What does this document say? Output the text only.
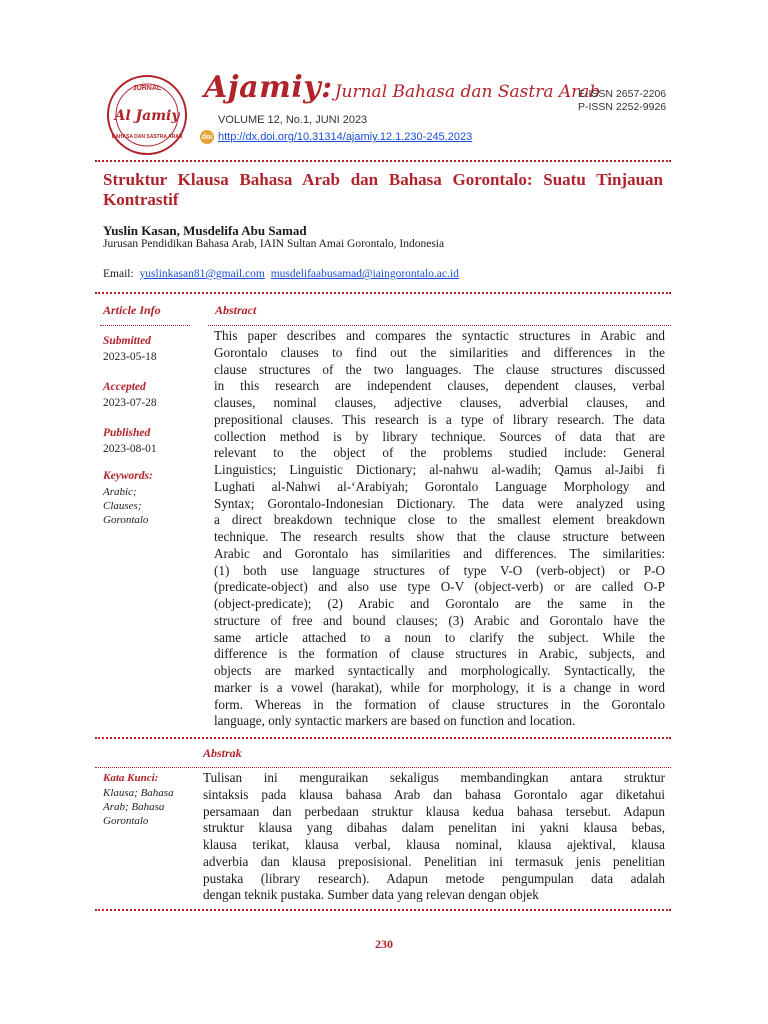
JURNAL
Al Jamiy
BAHASA DAN SASTRA ARAB
Ajamiy: Jurnal Bahasa dan Sastra Arab
E-ISSN 2657-2206
P-ISSN 2252-9926
VOLUME 12, No.1, JUNI 2023
doi http://dx.doi.org/10.31314/ajamiy.12.1.230-245.2023
Struktur Klausa Bahasa Arab dan Bahasa Gorontalo: Suatu Tinjauan Kontrastif
Yuslin Kasan, Musdelifa Abu Samad
Jurusan Pendidikan Bahasa Arab, IAIN Sultan Amai Gorontalo, Indonesia
Email: yuslinkasan81@gmail.com musdelifaabusamad@iaingorontalo.ac.id
Article Info	Abstract
Submitted
2023-05-18
Accepted
2023-07-28
Published
2023-08-01
Keywords:
Arabic;
Clauses;
Gorontalo
This paper describes and compares the syntactic structures in Arabic and
Gorontalo clauses to find out the similarities and differences in the
clause structures of the two languages. The clause structures discussed
in this research are independent clauses, dependent clauses, verbal
clauses, nominal clauses, adjective clauses, adverbial clauses, and
prepositional clauses. This research is a type of library research. The data
collection method is by library technique. Sources of data that are
relevant to the object of the problems studied include: General
Linguistics; Linguistic Dictionary; al-nahwu al-wadih; Qamus al-Jaibi fi
Lughati al-Nahwi al-ʻArabiyah; Gorontalo Language Morphology and
Syntax; Gorontalo-Indonesian Dictionary. The data were analyzed using
a direct breakdown technique close to the smallest element breakdown
technique. The research results show that the clause structure between
Arabic and Gorontalo has similarities and differences. The similarities:
(1) both use language structures of type V-O (verb-object) or P-O
(predicate-object) and also use type O-V (object-verb) or are called O-P
(object-predicate); (2) Arabic and Gorontalo are the same in the
structure of free and bound clauses; (3) Arabic and Gorontalo have the
same article attached to a noun to clarify the subject. While the
difference is the formation of clause structures in Arabic, subjects, and
objects are marked syntactically and morphologically. Syntactically, the
marker is a vowel (harakat), while for morphology, it is a change in word
form. Whereas in the formation of clause structures in the Gorontalo
language, only syntactic markers are based on function and location.
Abstrak
Kata Kunci:
Klausa; Bahasa
Arab; Bahasa
Gorontalo
Tulisan ini menguraikan sekaligus membandingkan antara struktur
sintaksis pada klausa bahasa Arab dan bahasa Gorontalo agar diketahui
persamaan dan perbedaan struktur klausa kedua bahasa tersebut. Adapun
struktur klausa yang dibahas dalam penelitan ini yakni klausa bebas,
klausa terikat, klausa verbal, klausa nominal, klausa ajektival, klausa
adverbia dan klausa preposisional. Penelitian ini termasuk jenis penelitian
pustaka (library research). Adapun metode pengumpulan data adalah
dengan teknik pustaka. Sumber data yang relevan dengan objek
230
